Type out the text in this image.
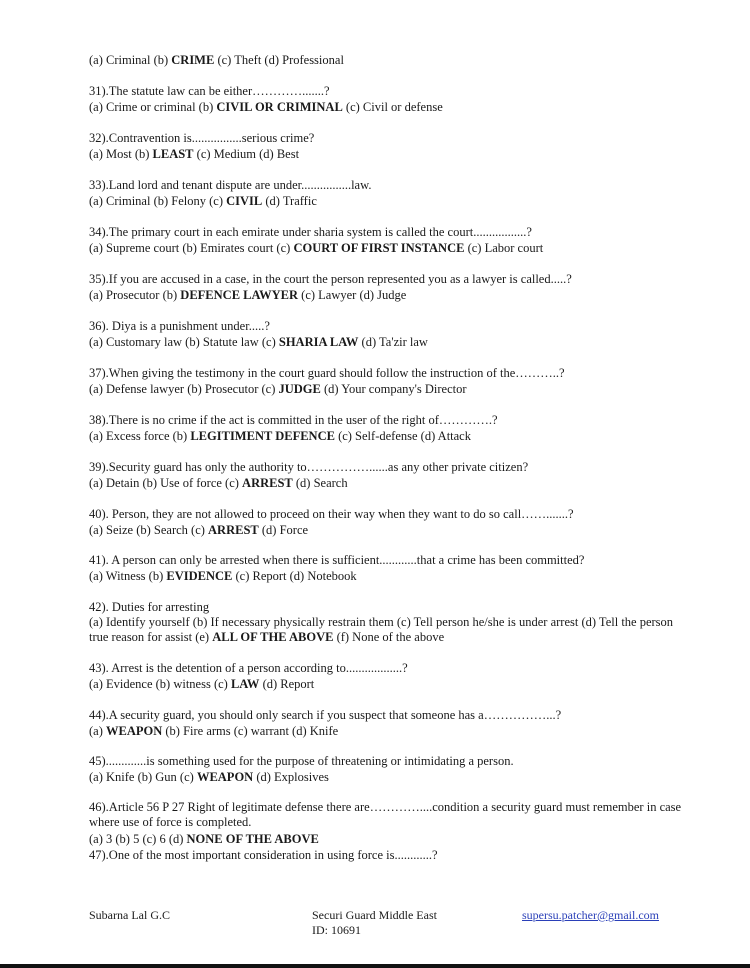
(a) Criminal (b) CRIME (c) Theft (d) Professional
31).The statute law can be either………….......?
(a) Crime or criminal (b) CIVIL OR CRIMINAL (c) Civil or defense
32).Contravention is................serious crime?
(a) Most (b) LEAST (c) Medium (d) Best
33).Land lord and tenant dispute are under................law.
(a) Criminal (b) Felony (c) CIVIL (d) Traffic
34).The primary court in each emirate under sharia system is called the court.................?
(a) Supreme court (b) Emirates court (c) COURT OF FIRST INSTANCE (c) Labor court
35).If you are accused in a case, in the court the person represented you as a lawyer is called.....?
(a) Prosecutor (b) DEFENCE LAWYER (c) Lawyer (d) Judge
36). Diya is a punishment under.....?
(a) Customary law (b) Statute law (c) SHARIA LAW (d) Ta'zir law
37).When giving the testimony in the court guard should follow the instruction of the………..?
(a) Defense lawyer (b) Prosecutor (c) JUDGE (d) Your company's Director
38).There is no crime if the act is committed in the user of the right of………….?
(a) Excess force (b) LEGITIMENT DEFENCE (c) Self-defense (d) Attack
39).Security guard has only the authority to……………......as any other private citizen?
(a) Detain (b) Use of force (c) ARREST (d) Search
40). Person, they are not allowed to proceed on their way when they want to do so call…….......?
(a) Seize (b) Search (c) ARREST (d) Force
41). A person can only be arrested when there is sufficient............that a crime has been committed?
(a) Witness (b) EVIDENCE (c) Report (d) Notebook
42). Duties for arresting
(a) Identify yourself (b) If necessary physically restrain them (c) Tell person he/she is under arrest (d) Tell the person true reason for assist (e) ALL OF THE ABOVE (f) None of the above
43). Arrest is the detention of a person according to..................?
(a) Evidence (b) witness (c) LAW (d) Report
44).A security guard, you should only search if you suspect that someone has a……………...?
(a) WEAPON (b) Fire arms (c) warrant (d) Knife
45).............is something used for the purpose of threatening or intimidating a person.
(a) Knife (b) Gun (c) WEAPON (d) Explosives
46).Article 56 P 27 Right of legitimate defense there are…………....condition a security guard must remember in case where use of force is completed.
(a) 3 (b) 5 (c) 6 (d) NONE OF THE ABOVE
47).One of the most important consideration in using force is............?
Subarna Lal G.C	Securi Guard Middle East
ID: 10691
supersu.patcher@gmail.com
